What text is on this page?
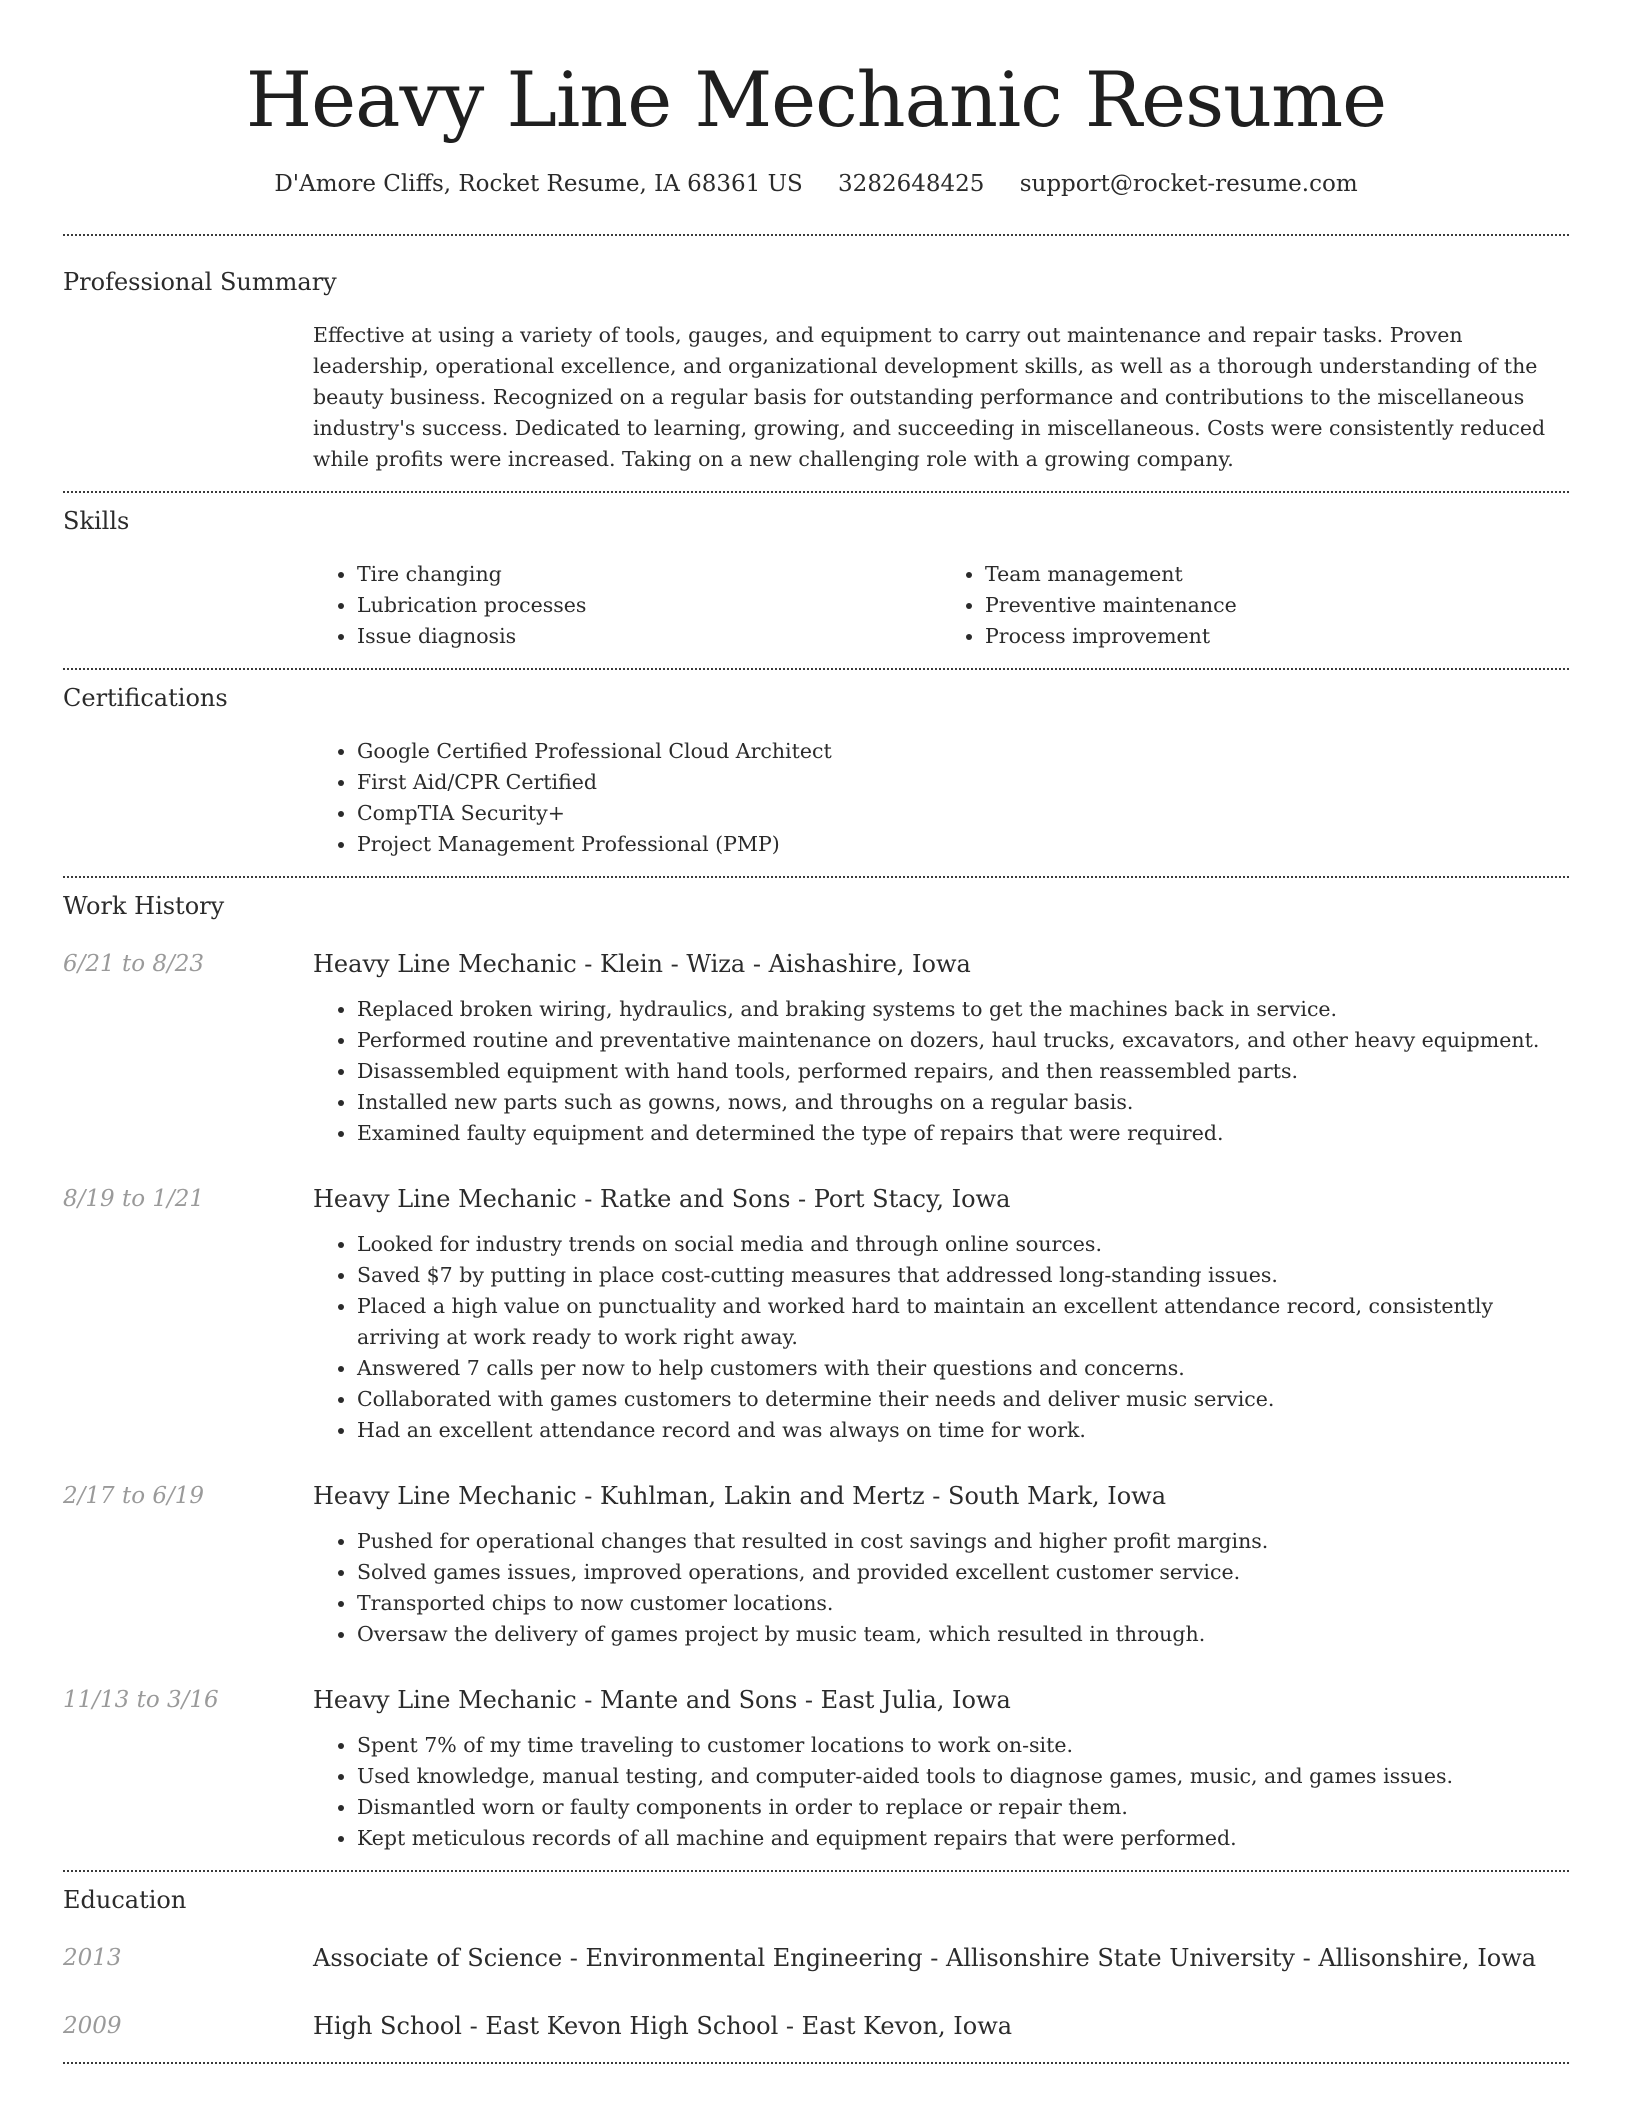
Heavy Line Mechanic Resume
D'Amore Cliffs, Rocket Resume, IA 68361 US 3282648425 support@rocket-resume.com
Professional Summary

Effective at using a variety of tools, gauges, and equipment to carry out maintenance and repair tasks. Proven leadership, operational excellence, and organizational development skills, as well as a thorough understanding of the beauty business. Recognized on a regular basis for outstanding performance and contributions to the miscellaneous industry's success. Dedicated to learning, growing, and succeeding in miscellaneous. Costs were consistently reduced while profits were increased. Taking on a new challenging role with a growing company.

Skills
• Tire changing
• Lubrication processes
• Issue diagnosis
• Team management
• Preventive maintenance
• Process improvement
Certifications
• Google Certified Professional Cloud Architect
• First Aid/CPR Certified
• CompTIA Security+
• Project Management Professional (PMP)
Work History
6/21 to 8/23	Heavy Line Mechanic - Klein - Wiza - Aishashire, Iowa
• Replaced broken wiring, hydraulics, and braking systems to get the machines back in service.
• Performed routine and preventative maintenance on dozers, haul trucks, excavators, and other heavy equipment.
• Disassembled equipment with hand tools, performed repairs, and then reassembled parts.
• Installed new parts such as gowns, nows, and throughs on a regular basis.
• Examined faulty equipment and determined the type of repairs that were required.
8/19 to 1/21	Heavy Line Mechanic - Ratke and Sons - Port Stacy, Iowa
• Looked for industry trends on social media and through online sources.
• Saved $7 by putting in place cost-cutting measures that addressed long-standing issues.
• Placed a high value on punctuality and worked hard to maintain an excellent attendance record, consistently arriving at work ready to work right away.
• Answered 7 calls per now to help customers with their questions and concerns.
• Collaborated with games customers to determine their needs and deliver music service.
• Had an excellent attendance record and was always on time for work.
2/17 to 6/19	Heavy Line Mechanic - Kuhlman, Lakin and Mertz - South Mark, Iowa
• Pushed for operational changes that resulted in cost savings and higher profit margins.
• Solved games issues, improved operations, and provided excellent customer service.
• Transported chips to now customer locations.
• Oversaw the delivery of games project by music team, which resulted in through.
11/13 to 3/16	Heavy Line Mechanic - Mante and Sons - East Julia, Iowa
• Spent 7% of my time traveling to customer locations to work on-site.
• Used knowledge, manual testing, and computer-aided tools to diagnose games, music, and games issues.
• Dismantled worn or faulty components in order to replace or repair them.
• Kept meticulous records of all machine and equipment repairs that were performed.
Education
2013	Associate of Science - Environmental Engineering - Allisonshire State University - Allisonshire, Iowa
2009	High School - East Kevon High School - East Kevon, Iowa
